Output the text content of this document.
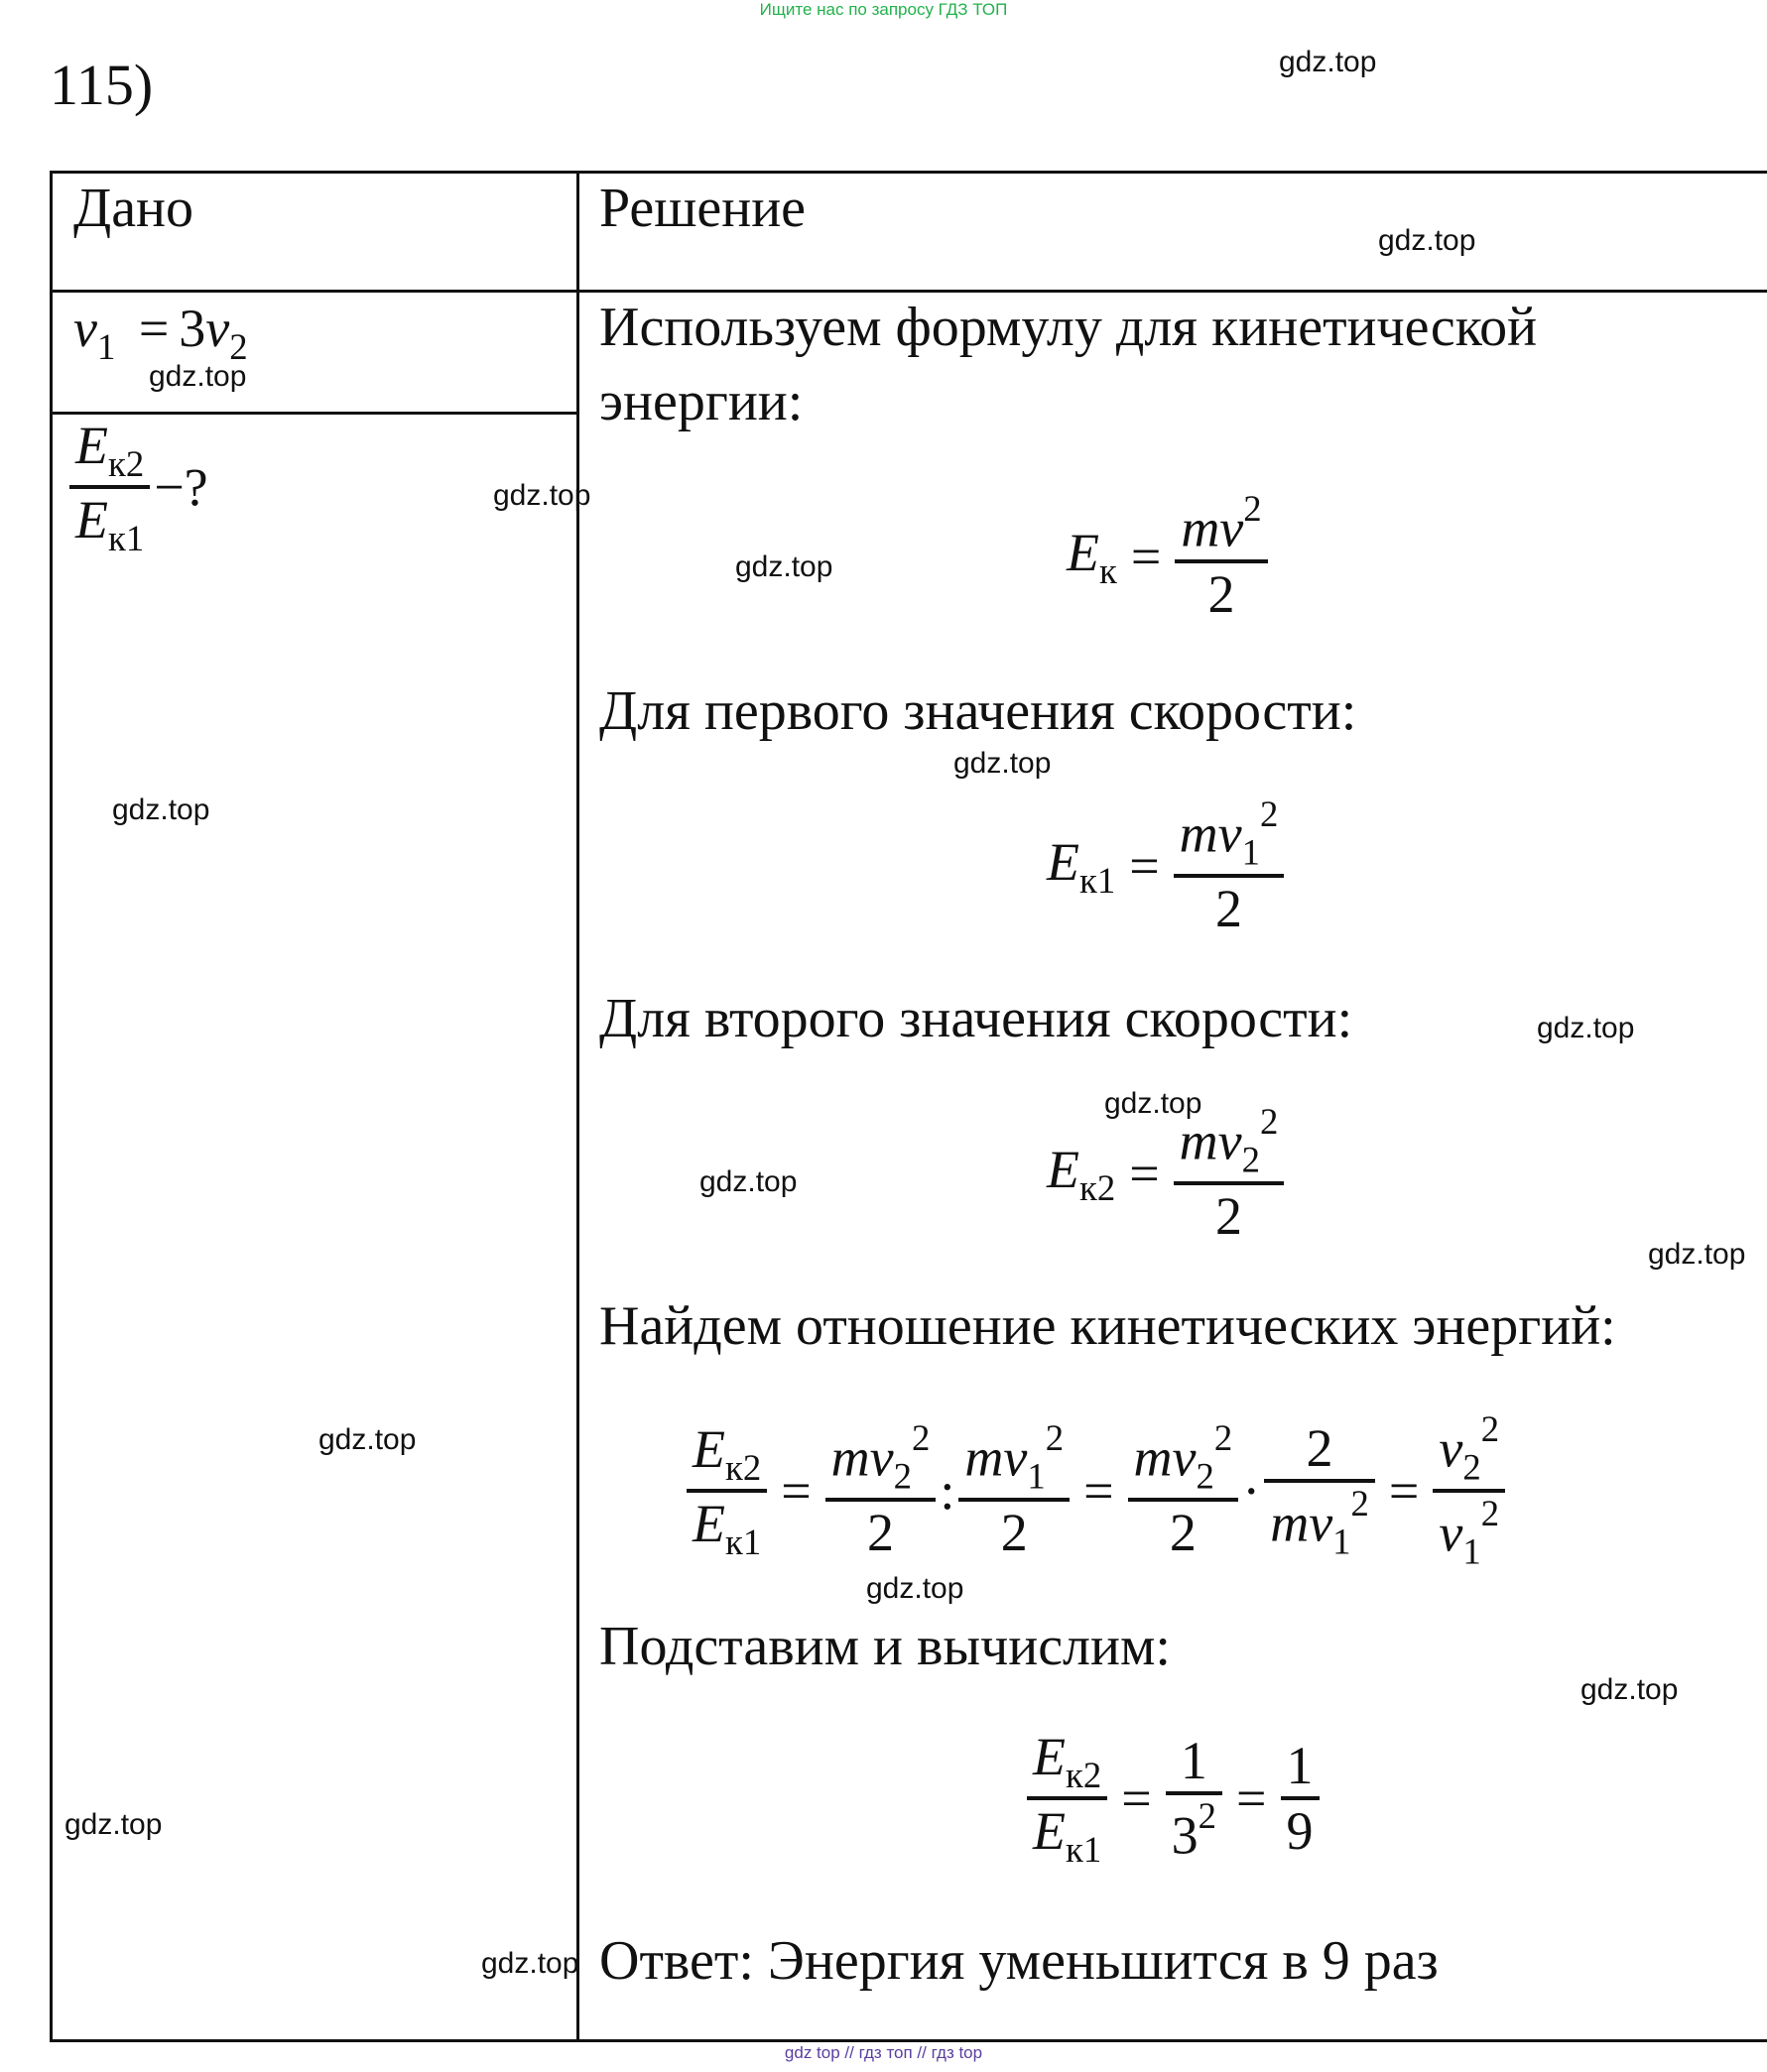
Ищите нас по запросу ГДЗ ТОП
115)
Дано	Решение
$v_1 = 3v_2$
$\frac{E_{к2}}{E_{к1}}$ −?
Используем формулу для кинетической
энергии:
$E_к = \frac{mv^2}{2}$
Для первого значения скорости:
$E_{к1} = \frac{mv_1^2}{2}$
Для второго значения скорости:
$E_{к2} = \frac{mv_2^2}{2}$
Найдем отношение кинетических энергий:
$\frac{E_{к2}}{E_{к1}} = \frac{mv_2^2}{2}$ : $\frac{mv_1^2}{2} = \frac{mv_2^2}{2} \cdot \frac{2}{mv_1^2} = \frac{v_2^2}{v_1^2}$
Подставим и вычислим:
$\frac{E_{к2}}{E_{к1}} = \frac{1}{3^2} = \frac{1}{9}$
Ответ: Энергия уменьшится в 9 раз
gdz.top
gdz.top
gdz.top
gdz.top
gdz.top
gdz.top
gdz.top
gdz.top
gdz.top
gdz.top
gdz.top
gdz.top
gdz.top
gdz.top
gdz.top
gdz.top
gdz top // гдз топ // гдз top
